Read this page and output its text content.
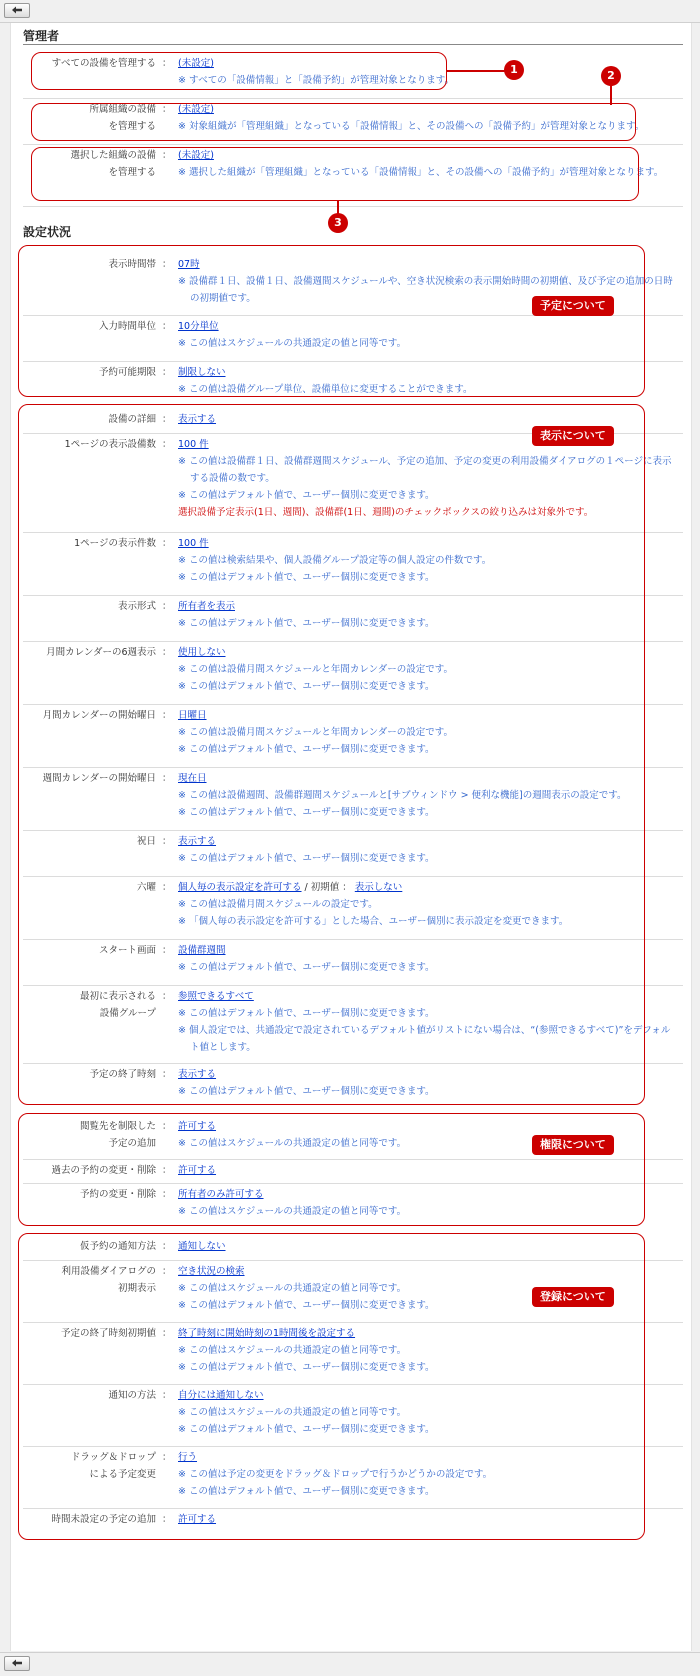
管理者
設定状況
すべての設備を管理する ： (未設定)
※ すべての「設備情報」と「設備予約」が管理対象となります。
所属組織の設備
を管理する
： (未設定)
※ 対象組織が「管理組織」となっている「設備情報」と、その設備への「設備予約」が管理対象となります。
選択した組織の設備
を管理する
： (未設定)
※ 選択した組織が「管理組織」となっている「設備情報」と、その設備への「設備予約」が管理対象となります。
表示時間帯 ： 07時
※ 設備群１日、設備１日、設備週間スケジュールや、空き状況検索の表示開始時間の初期値、及び予定の追加の日時の初期値です。
入力時間単位 ： 10分単位
※ この値はスケジュールの共通設定の値と同等です。
予約可能期限 ： 制限しない
※ この値は設備グループ単位、設備単位に変更することができます。
設備の詳細 ： 表示する
1ページの表示設備数 ： 100 件
※ この値は設備群１日、設備群週間スケジュール、予定の追加、予定の変更の利用設備ダイアログの１ページに表示する設備の数です。
※ この値はデフォルト値で、ユーザー個別に変更できます。
選択設備予定表示(1日、週間)、設備群(1日、週間)のチェックボックスの絞り込みは対象外です。
1ページの表示件数 ： 100 件
※ この値は検索結果や、個人設備グループ設定等の個人設定の件数です。
※ この値はデフォルト値で、ユーザー個別に変更できます。
表示形式 ： 所有者を表示
※ この値はデフォルト値で、ユーザー個別に変更できます。
月間カレンダーの6週表示 ： 使用しない
※ この値は設備月間スケジュールと年間カレンダーの設定です。
※ この値はデフォルト値で、ユーザー個別に変更できます。
月間カレンダーの開始曜日 ： 日曜日
※ この値は設備月間スケジュールと年間カレンダーの設定です。
※ この値はデフォルト値で、ユーザー個別に変更できます。
週間カレンダーの開始曜日 ： 現在日
※ この値は設備週間、設備群週間スケジュールと[サブウィンドウ > 便利な機能]の週間表示の設定です。
※ この値はデフォルト値で、ユーザー個別に変更できます。
祝日 ： 表示する
※ この値はデフォルト値で、ユーザー個別に変更できます。
六曜 ： 個人毎の表示設定を許可する / 初期値 ： 表示しない
※ この値は設備月間スケジュールの設定です。
※ 「個人毎の表示設定を許可する」とした場合、ユーザー個別に表示設定を変更できます。
スタート画面 ： 設備群週間
※ この値はデフォルト値で、ユーザー個別に変更できます。
最初に表示される
設備グループ
： 参照できるすべて
※ この値はデフォルト値で、ユーザー個別に変更できます。
※ 個人設定では、共通設定で設定されているデフォルト値がリストにない場合は、“(参照できるすべて)”をデフォルト値とします。
予定の終了時刻 ： 表示する
※ この値はデフォルト値で、ユーザー個別に変更できます。
閲覧先を制限した
予定の追加
： 許可する
※ この値はスケジュールの共通設定の値と同等です。
過去の予約の変更・削除 ： 許可する
予約の変更・削除 ： 所有者のみ許可する
※ この値はスケジュールの共通設定の値と同等です。
仮予約の通知方法 ： 通知しない
利用設備ダイアログの
初期表示
： 空き状況の検索
※ この値はスケジュールの共通設定の値と同等です。
※ この値はデフォルト値で、ユーザー個別に変更できます。
予定の終了時刻初期値 ： 終了時刻に開始時刻の1時間後を設定する
※ この値はスケジュールの共通設定の値と同等です。
※ この値はデフォルト値で、ユーザー個別に変更できます。
通知の方法 ： 自分には通知しない
※ この値はスケジュールの共通設定の値と同等です。
※ この値はデフォルト値で、ユーザー個別に変更できます。
ドラッグ＆ドロップ
による予定変更
： 行う
※ この値は予定の変更をドラッグ＆ドロップで行うかどうかの設定です。
※ この値はデフォルト値で、ユーザー個別に変更できます。
時間未設定の予定の追加 ： 許可する
1	2
3
予定について
表示について
権限について
登録について
